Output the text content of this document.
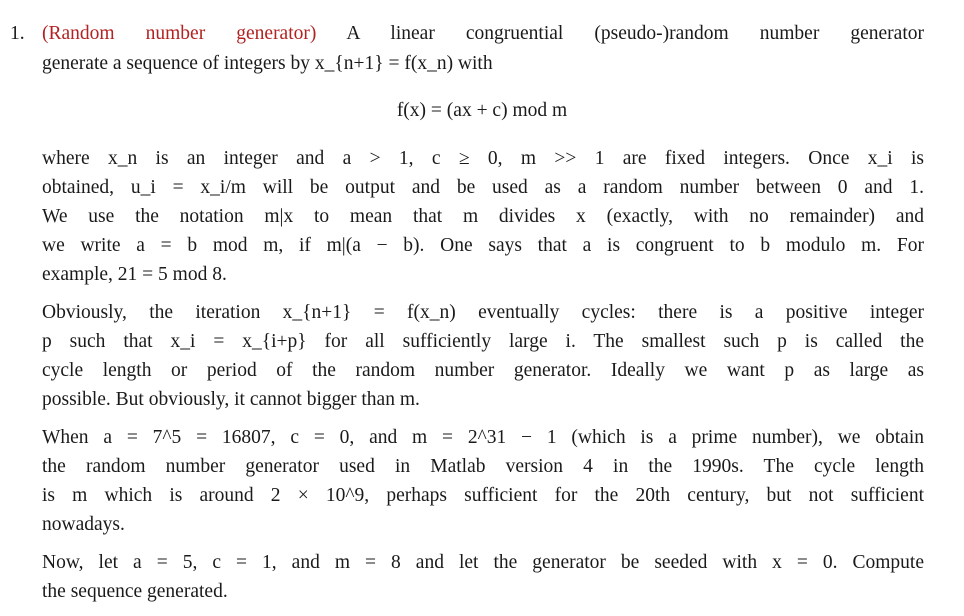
1. (Random number generator) A linear congruential (pseudo-)random number generator
generate a sequence of integers by x_{n+1} = f(x_n) with
f(x) = (ax + c) mod m
where x_n is an integer and a > 1, c ≥ 0, m >> 1 are fixed integers. Once x_i is
obtained, u_i = x_i/m will be output and be used as a random number between 0 and 1.
We use the notation m|x to mean that m divides x (exactly, with no remainder) and
we write a = b mod m, if m|(a − b). One says that a is congruent to b modulo m. For
example, 21 = 5 mod 8.
Obviously, the iteration x_{n+1} = f(x_n) eventually cycles: there is a positive integer
p such that x_i = x_{i+p} for all sufficiently large i. The smallest such p is called the
cycle length or period of the random number generator. Ideally we want p as large as
possible. But obviously, it cannot bigger than m.
When a = 7^5 = 16807, c = 0, and m = 2^31 − 1 (which is a prime number), we obtain
the random number generator used in Matlab version 4 in the 1990s. The cycle length
is m which is around 2 × 10^9, perhaps sufficient for the 20th century, but not sufficient
nowadays.
Now, let a = 5, c = 1, and m = 8 and let the generator be seeded with x = 0. Compute
the sequence generated.
